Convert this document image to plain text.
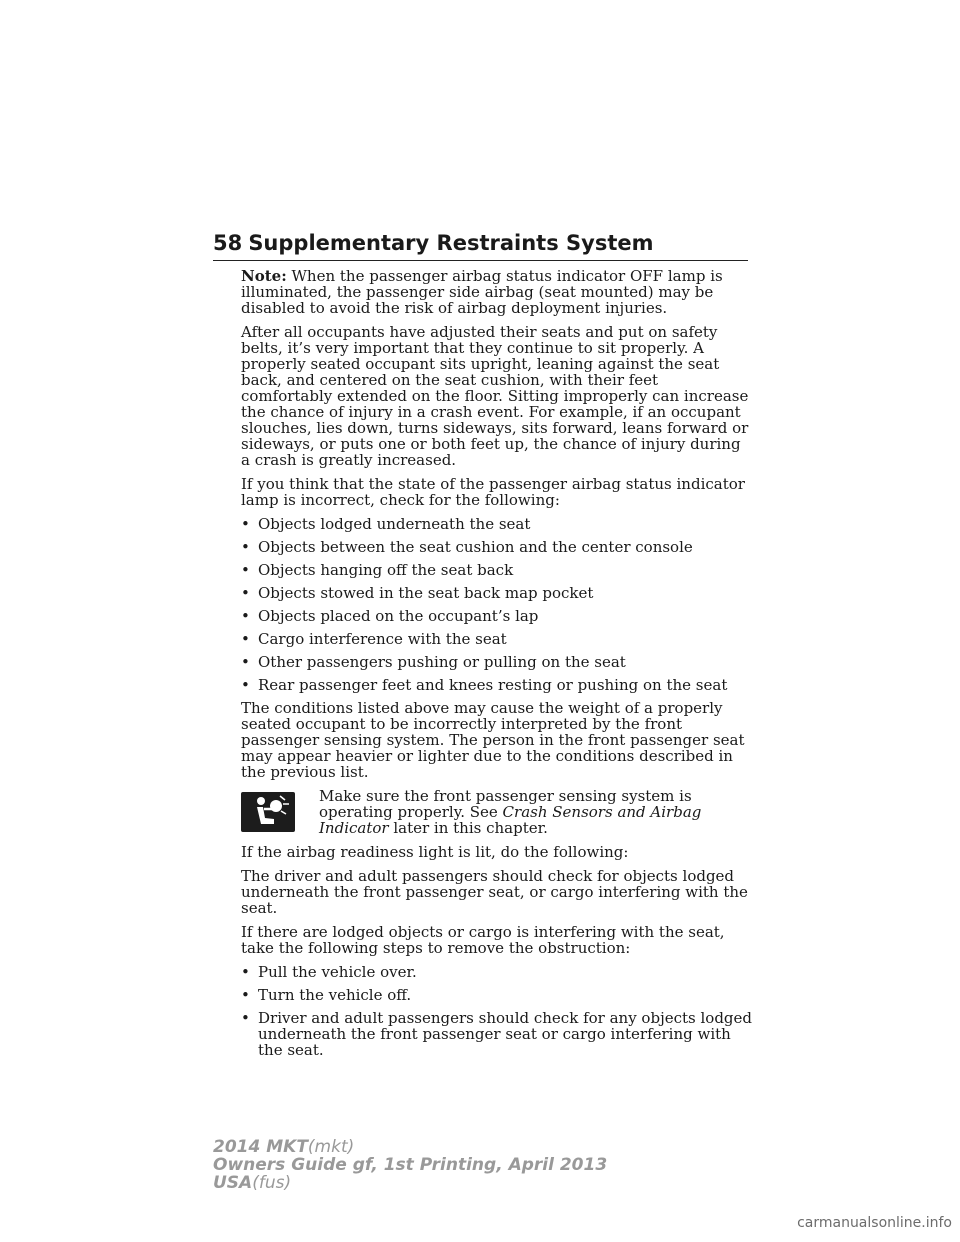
58 Supplementary Restraints System

Note: When the passenger airbag status indicator OFF lamp is illuminated, the passenger side airbag (seat mounted) may be disabled to avoid the risk of airbag deployment injuries.

After all occupants have adjusted their seats and put on safety belts, it’s very important that they continue to sit properly. A properly seated occupant sits upright, leaning against the seat back, and centered on the seat cushion, with their feet comfortably extended on the floor. Sitting improperly can increase the chance of injury in a crash event. For example, if an occupant slouches, lies down, turns sideways, sits forward, leans forward or sideways, or puts one or both feet up, the chance of injury during a crash is greatly increased.

If you think that the state of the passenger airbag status indicator lamp is incorrect, check for the following:

• Objects lodged underneath the seat
• Objects between the seat cushion and the center console
• Objects hanging off the seat back
• Objects stowed in the seat back map pocket
• Objects placed on the occupant’s lap
• Cargo interference with the seat
• Other passengers pushing or pulling on the seat
• Rear passenger feet and knees resting or pushing on the seat

The conditions listed above may cause the weight of a properly seated occupant to be incorrectly interpreted by the front passenger sensing system. The person in the front passenger seat may appear heavier or lighter due to the conditions described in the previous list.

Make sure the front passenger sensing system is operating properly. See Crash Sensors and Airbag Indicator later in this chapter.

If the airbag readiness light is lit, do the following:

The driver and adult passengers should check for objects lodged underneath the front passenger seat, or cargo interfering with the seat.

If there are lodged objects or cargo is interfering with the seat, take the following steps to remove the obstruction:

• Pull the vehicle over.
• Turn the vehicle off.
• Driver and adult passengers should check for any objects lodged underneath the front passenger seat or cargo interfering with the seat.
2014 MKT(mkt)
Owners Guide gf, 1st Printing, April 2013
USA(fus)
carmanualsonline.info
